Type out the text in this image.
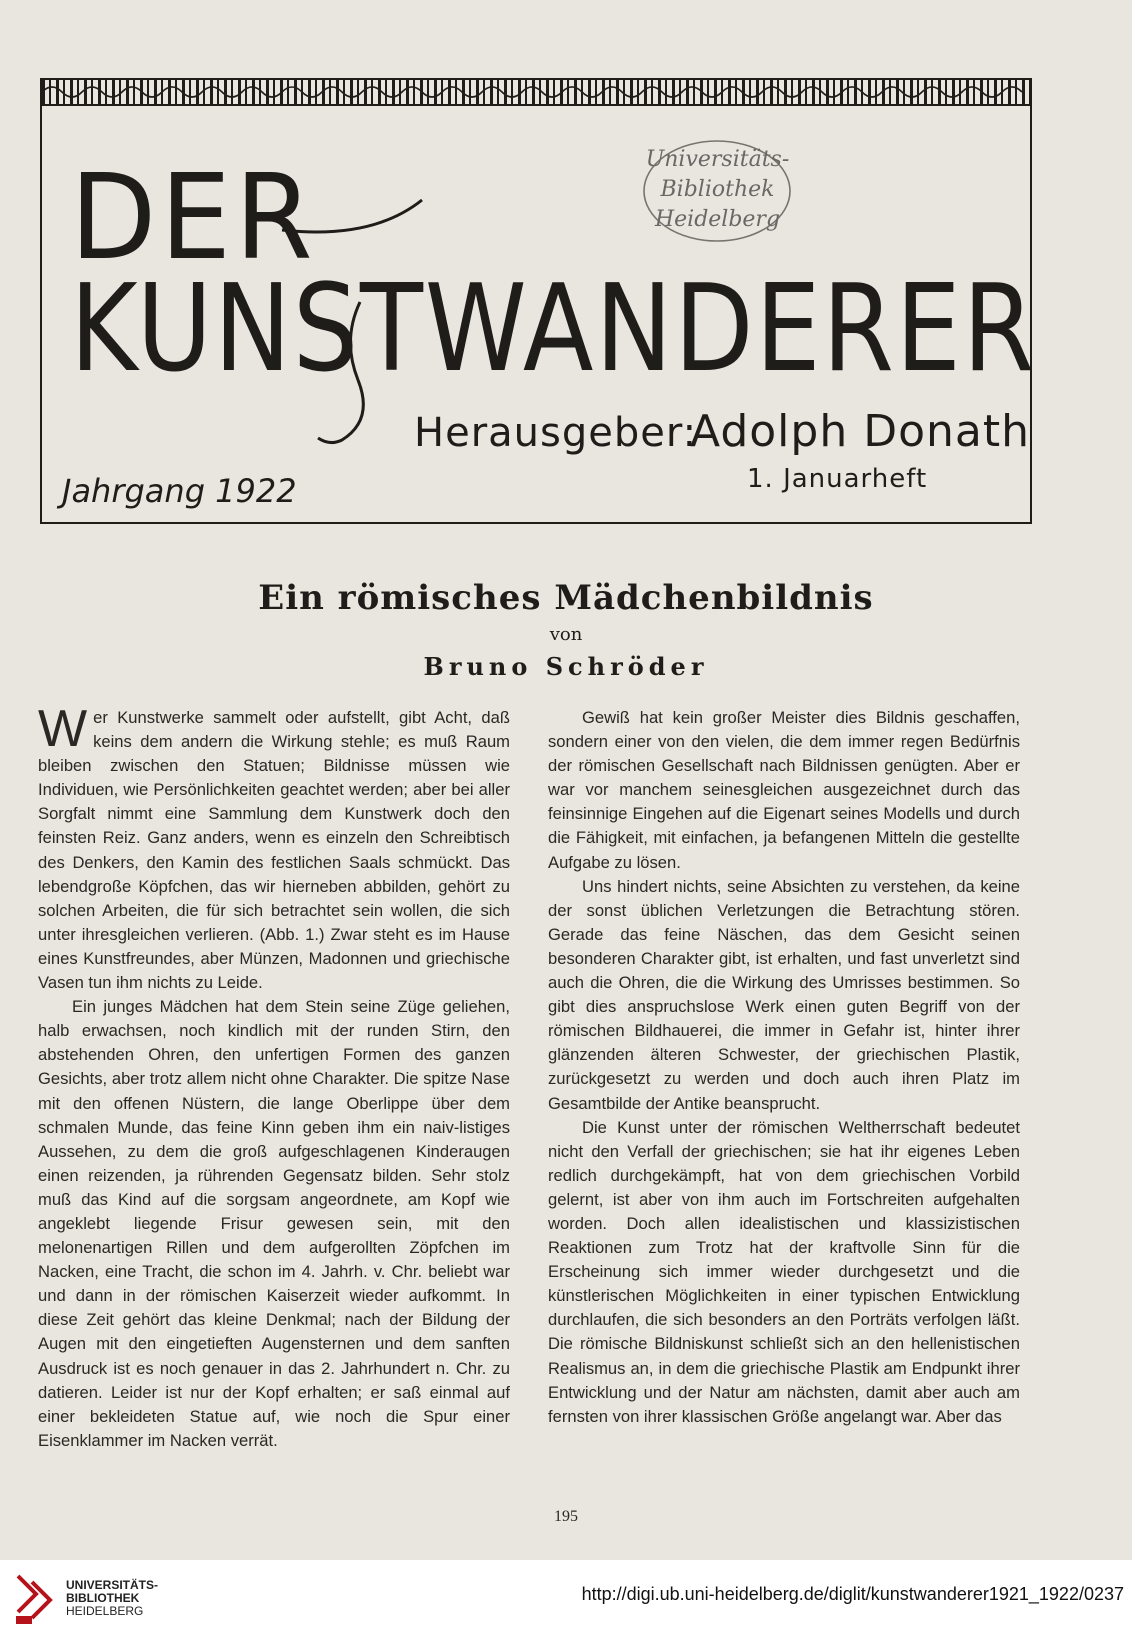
DER
KUNSTWANDERER
Universitäts-
Bibliothek
Heidelberg
Herausgeber:
Adolph Donath
Jahrgang 1922	1. Januarheft
Ein römisches Mädchenbildnis
von
Bruno Schröder

Wer Kunstwerke sammelt oder aufstellt, gibt Acht, daß keins dem andern die Wirkung stehle; es muß Raum bleiben zwischen den Statuen; Bildnisse müssen wie Individuen, wie Persönlichkeiten geachtet werden; aber bei aller Sorgfalt nimmt eine Sammlung dem Kunstwerk doch den feinsten Reiz. Ganz anders, wenn es einzeln den Schreibtisch des Denkers, den Kamin des festlichen Saals schmückt. Das lebendgroße Köpfchen, das wir hierneben abbilden, gehört zu solchen Arbeiten, die für sich betrachtet sein wollen, die sich unter ihresgleichen verlieren. (Abb. 1.) Zwar steht es im Hause eines Kunstfreundes, aber Münzen, Madonnen und griechische Vasen tun ihm nichts zu Leide.

Ein junges Mädchen hat dem Stein seine Züge geliehen, halb erwachsen, noch kindlich mit der runden Stirn, den abstehenden Ohren, den unfertigen Formen des ganzen Gesichts, aber trotz allem nicht ohne Charakter. Die spitze Nase mit den offenen Nüstern, die lange Oberlippe über dem schmalen Munde, das feine Kinn geben ihm ein naiv-listiges Aussehen, zu dem die groß aufgeschlagenen Kinderaugen einen reizenden, ja rührenden Gegensatz bilden. Sehr stolz muß das Kind auf die sorgsam angeordnete, am Kopf wie angeklebt liegende Frisur gewesen sein, mit den melonenartigen Rillen und dem aufgerollten Zöpfchen im Nacken, eine Tracht, die schon im 4. Jahrh. v. Chr. beliebt war und dann in der römischen Kaiserzeit wieder aufkommt. In diese Zeit gehört das kleine Denkmal; nach der Bildung der Augen mit den eingetieften Augensternen und dem sanften Ausdruck ist es noch genauer in das 2. Jahrhundert n. Chr. zu datieren. Leider ist nur der Kopf erhalten; er saß einmal auf einer bekleideten Statue auf, wie noch die Spur einer Eisenklammer im Nacken verrät.

Gewiß hat kein großer Meister dies Bildnis geschaffen, sondern einer von den vielen, die dem immer regen Bedürfnis der römischen Gesellschaft nach Bildnissen genügten. Aber er war vor manchem seinesgleichen ausgezeichnet durch das feinsinnige Eingehen auf die Eigenart seines Modells und durch die Fähigkeit, mit einfachen, ja befangenen Mitteln die gestellte Aufgabe zu lösen.

Uns hindert nichts, seine Absichten zu verstehen, da keine der sonst üblichen Verletzungen die Betrachtung stören. Gerade das feine Näschen, das dem Gesicht seinen besonderen Charakter gibt, ist erhalten, und fast unverletzt sind auch die Ohren, die die Wirkung des Umrisses bestimmen. So gibt dies anspruchslose Werk einen guten Begriff von der römischen Bildhauerei, die immer in Gefahr ist, hinter ihrer glänzenden älteren Schwester, der griechischen Plastik, zurückgesetzt zu werden und doch auch ihren Platz im Gesamtbilde der Antike beansprucht.

Die Kunst unter der römischen Weltherrschaft bedeutet nicht den Verfall der griechischen; sie hat ihr eigenes Leben redlich durchgekämpft, hat von dem griechischen Vorbild gelernt, ist aber von ihm auch im Fortschreiten aufgehalten worden. Doch allen idealistischen und klassizistischen Reaktionen zum Trotz hat der kraftvolle Sinn für die Erscheinung sich immer wieder durchgesetzt und die künstlerischen Möglichkeiten in einer typischen Entwicklung durchlaufen, die sich besonders an den Porträts verfolgen läßt. Die römische Bildniskunst schließt sich an den hellenistischen Realismus an, in dem die griechische Plastik am Endpunkt ihrer Entwicklung und der Natur am nächsten, damit aber auch am fernsten von ihrer klassischen Größe angelangt war. Aber das

195
UNIVERSITÄTS-
BIBLIOTHEK
HEIDELBERG
http://digi.ub.uni-heidelberg.de/diglit/kunstwanderer1921_1922/0237
